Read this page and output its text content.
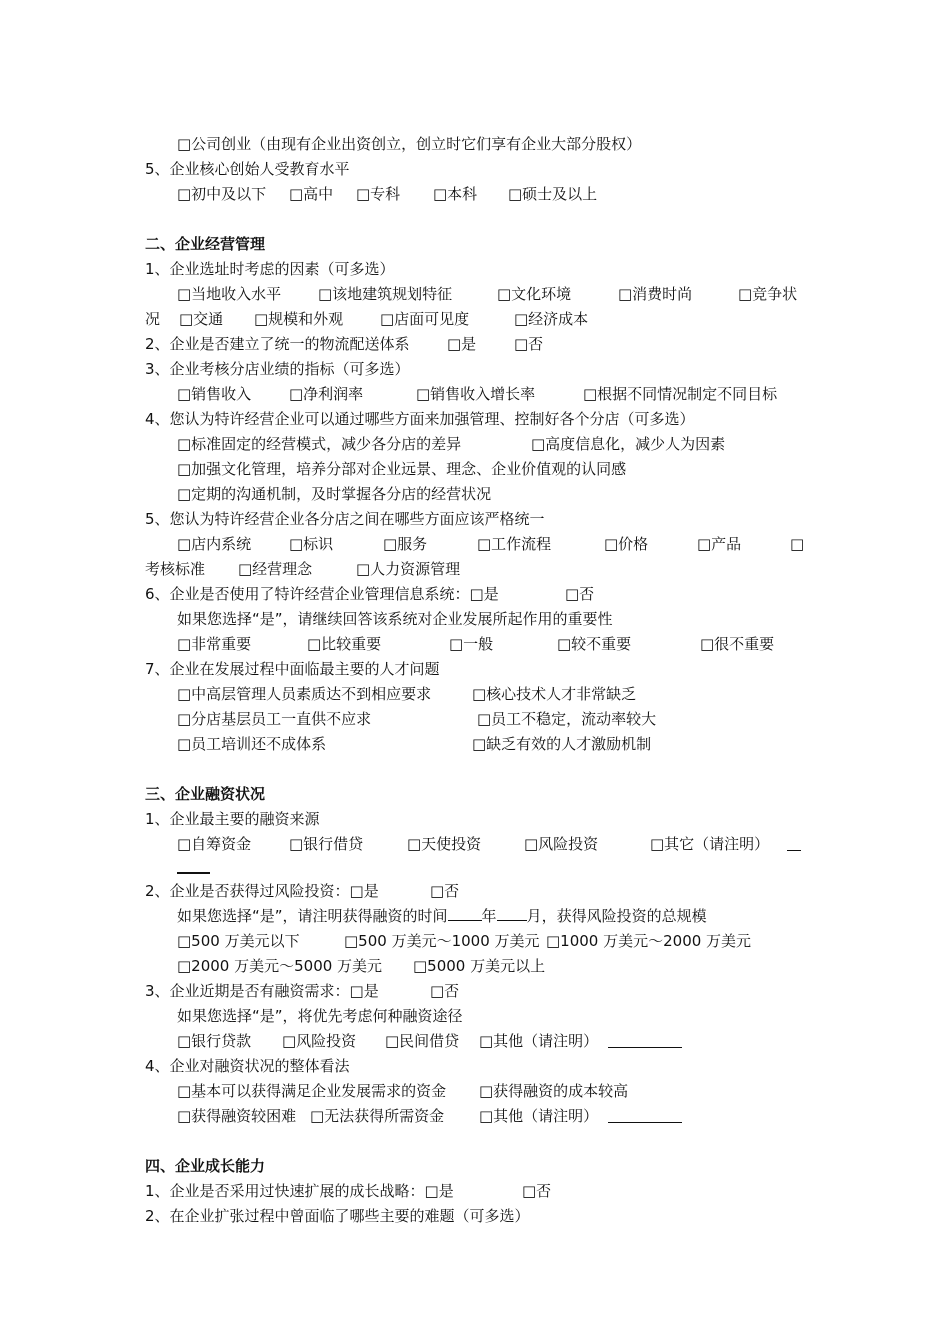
□公司创业（由现有企业出资创立，创立时它们享有企业大部分股权）
5、企业核心创始人受教育水平
□初中及以下 □高中 □专科 □本科 □硕士及以上
二、企业经营管理
1、企业选址时考虑的因素（可多选）
□当地收入水平 □该地建筑规划特征	□文化环境	□消费时尚	□竞争状
况 □交通 □规模和外观 □店面可见度	□经济成本
2、企业是否建立了统一的物流配送体系 □是	□否
3、企业考核分店业绩的指标（可多选）
□销售收入	□净利润率	□销售收入增长率	□根据不同情况制定不同目标
4、您认为特许经营企业可以通过哪些方面来加强管理、控制好各个分店（可多选）
□标准固定的经营模式，减少各分店的差异	□高度信息化，减少人为因素
□加强文化管理，培养分部对企业远景、理念、企业价值观的认同感
□定期的沟通机制，及时掌握各分店的经营状况
5、您认为特许经营企业各分店之间在哪些方面应该严格统一
□店内系统	□标识	□服务	□工作流程	□价格	□产品	□
考核标准 □经营理念	□人力资源管理
6、企业是否使用了特许经营企业管理信息系统：□是	□否
如果您选择“是”，请继续回答该系统对企业发展所起作用的重要性
□非常重要	□比较重要	□一般	□较不重要	□很不重要
7、企业在发展过程中面临最主要的人才问题
□中高层管理人员素质达不到相应要求	□核心技术人才非常缺乏
□分店基层员工一直供不应求	□员工不稳定，流动率较大
□员工培训还不成体系	□缺乏有效的人才激励机制
三、企业融资状况
1、企业最主要的融资来源
□自筹资金	□银行借贷	□天使投资	□风险投资	□其它（请注明）
2、企业是否获得过风险投资：□是	□否
如果您选择“是”，请注明获得融资的时间 年 月，获得风险投资的总规模
□500 万美元以下	□500 万美元～1000 万美元 □1000 万美元～2000 万美元
□2000 万美元～5000 万美元 □5000 万美元以上
3、企业近期是否有融资需求：□是	□否
如果您选择“是”，将优先考虑何种融资途径
□银行贷款 □风险投资 □民间借贷 □其他（请注明）
4、企业对融资状况的整体看法
□基本可以获得满足企业发展需求的资金 □获得融资的成本较高
□获得融资较困难 □无法获得所需资金 □其他（请注明）
四、企业成长能力
1、企业是否采用过快速扩展的成长战略：□是	□否
2、在企业扩张过程中曾面临了哪些主要的难题（可多选）
